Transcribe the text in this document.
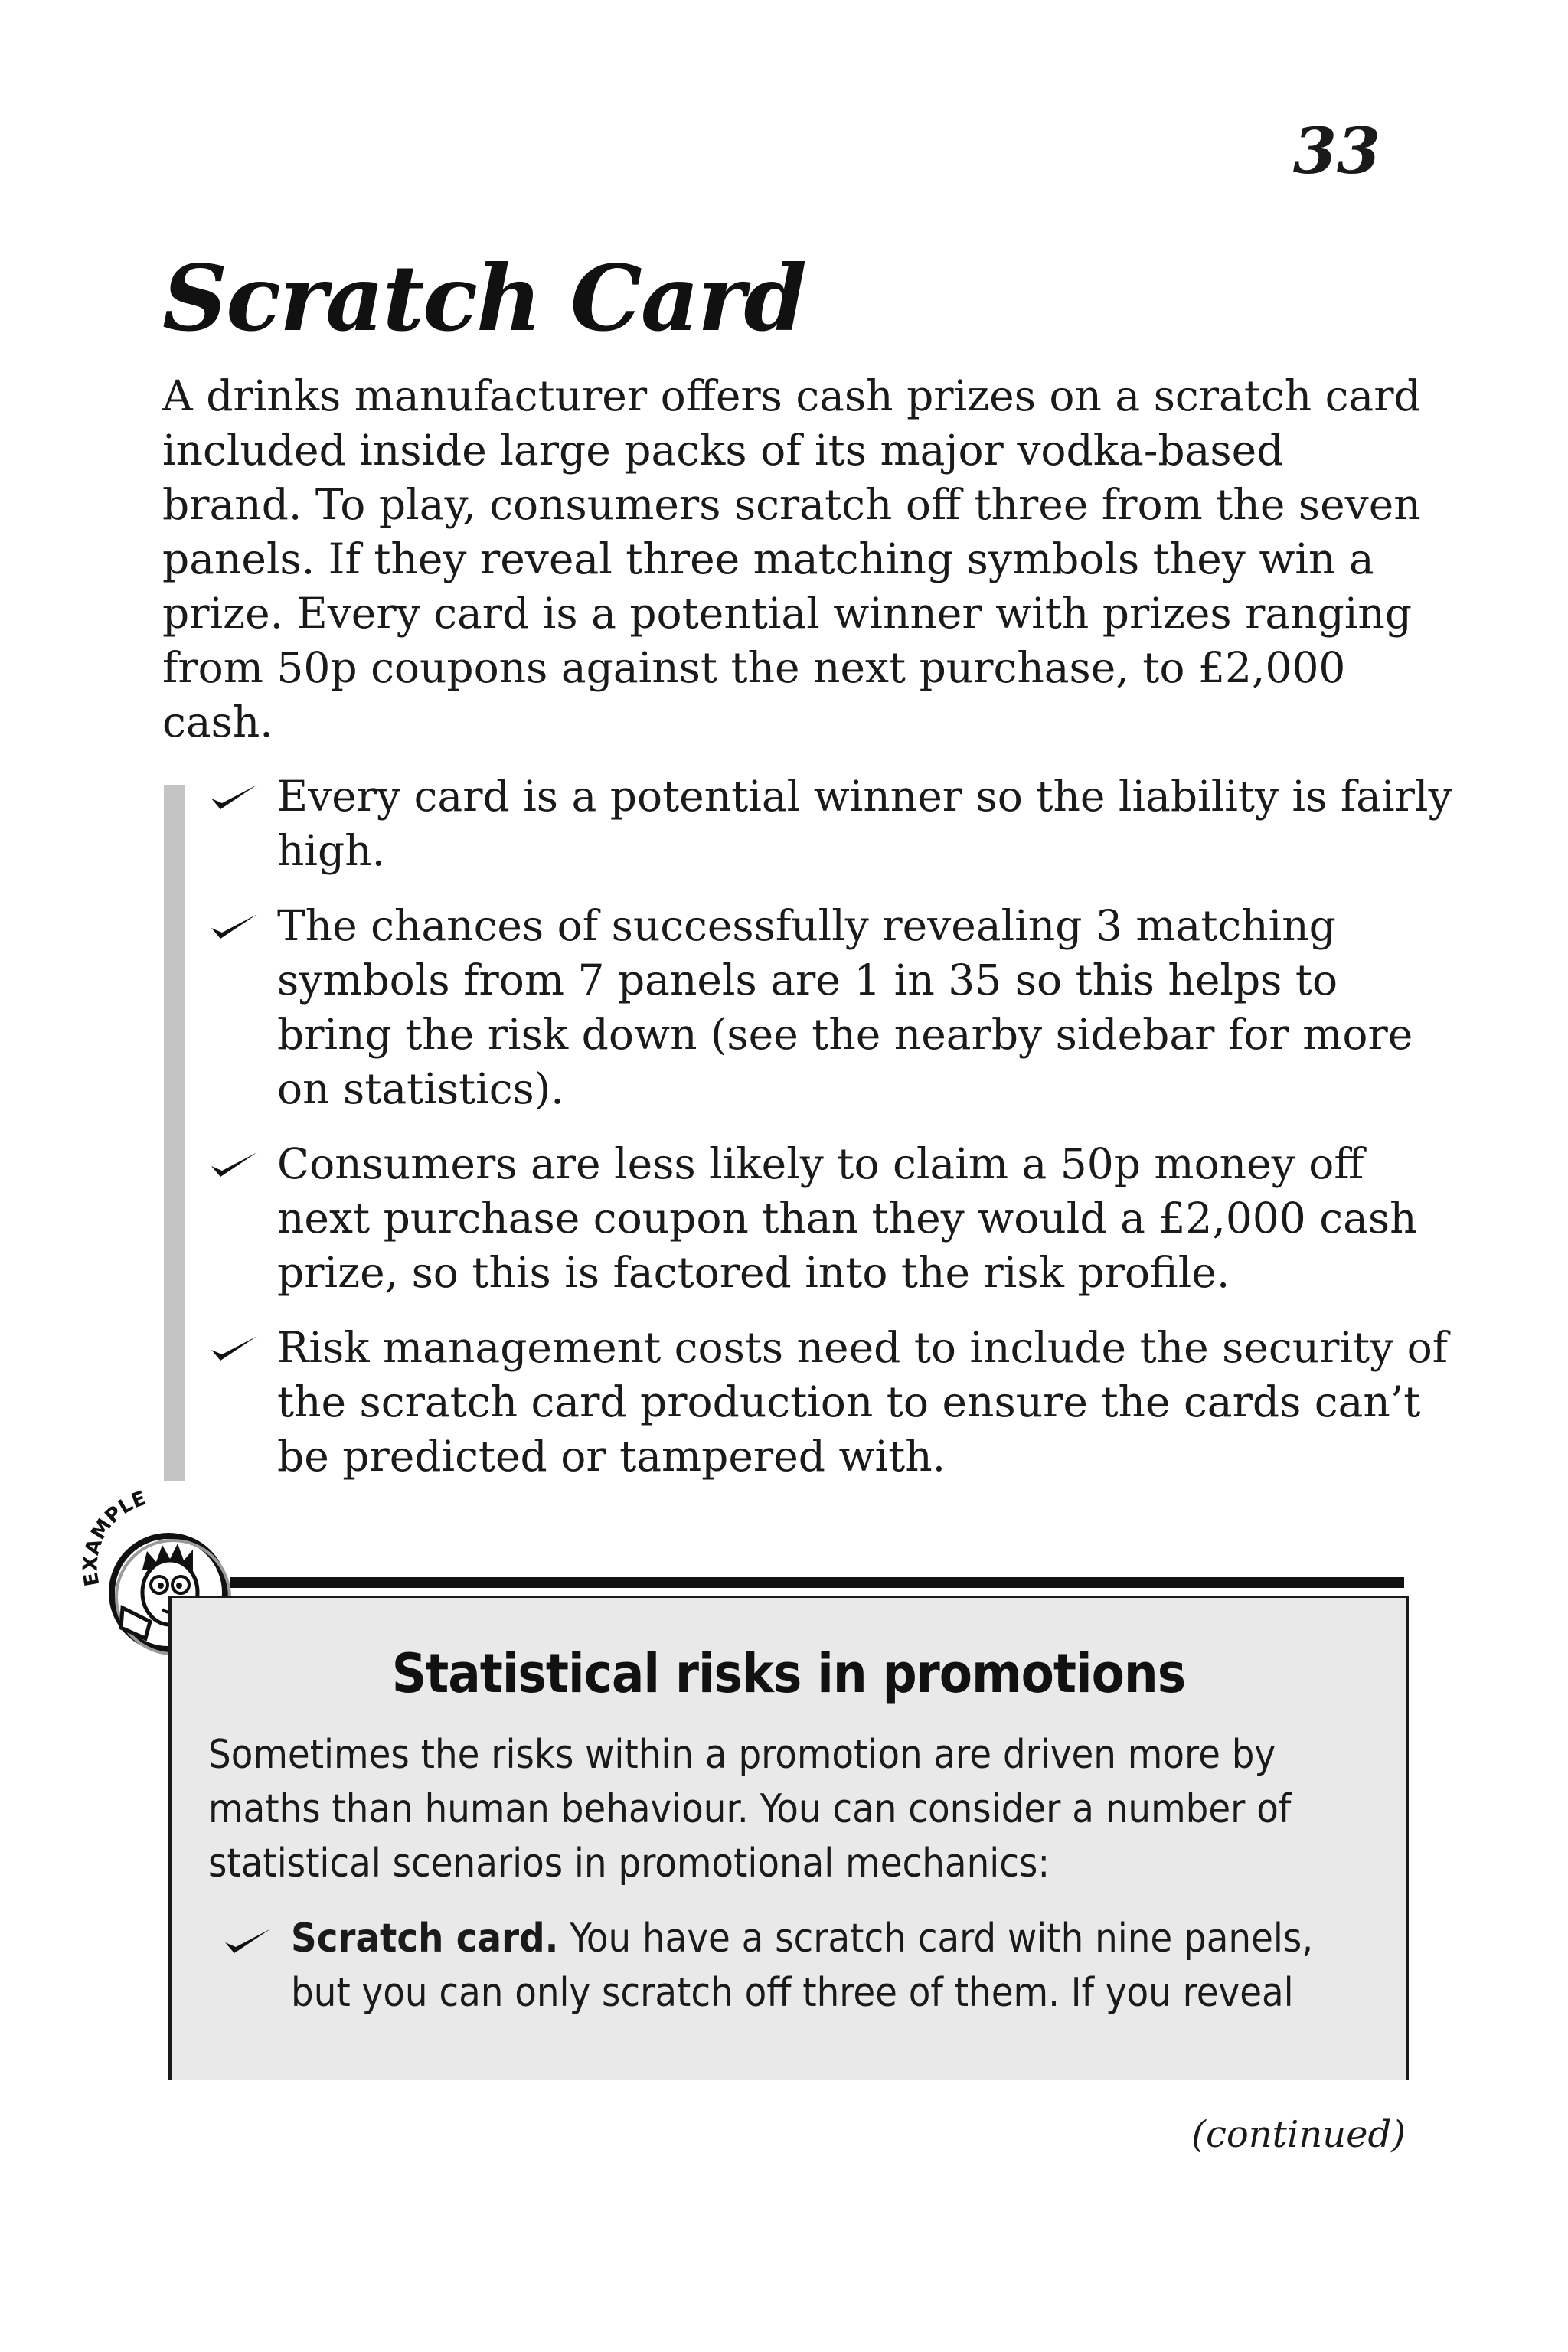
33
Scratch Card

A drinks manufacturer offers cash prizes on a scratch card included inside large packs of its major vodka-based brand. To play, consumers scratch off three from the seven panels. If they reveal three matching symbols they win a prize. Every card is a potential winner with prizes ranging from 50p coupons against the next purchase, to £2,000 cash.

Every card is a potential winner so the liability is fairly high.
The chances of successfully revealing 3 matching symbols from 7 panels are 1 in 35 so this helps to bring the risk down (see the nearby sidebar for more on statistics).
Consumers are less likely to claim a 50p money off next purchase coupon than they would a £2,000 cash prize, so this is factored into the risk profile.
Risk management costs need to include the security of the scratch card production to ensure the cards can’t be predicted or tampered with.
EXAMPLE
Statistical risks in promotions

Sometimes the risks within a promotion are driven more by maths than human behaviour. You can consider a number of statistical scenarios in promotional mechanics:

Scratch card. You have a scratch card with nine panels, but you can only scratch off three of them. If you reveal
(continued)
